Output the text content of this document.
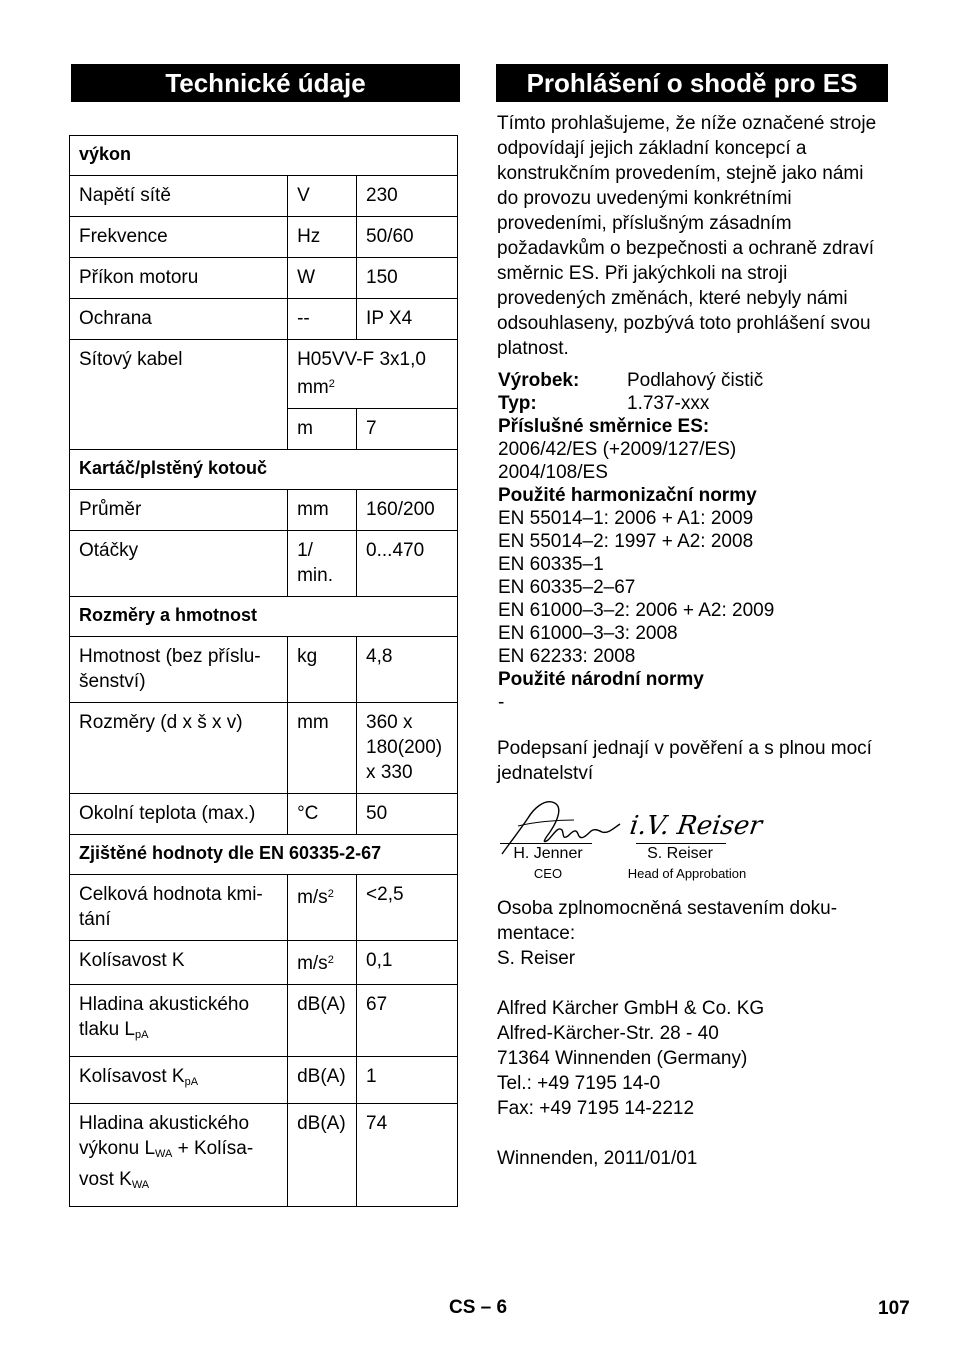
Technické údaje
výkon		
Napětí sítě	V	230
Frekvence	Hz	50/60
Příkon motoru	W	150
Ochrana	--	IP X4
Sítový kabel	H05VV-F 3x1,0 $mm^2$
	m	7
Kartáč/plstěný kotouč		
Průměr	mm	160/200
Otáčky	1/ min.	0...470
Rozměry a hmotnost		
Hmotnost (bez příslu-šenství)	kg	4,8
Rozměry (d x š x v)	mm	360 x 180(200) x 330
Okolní teplota (max.)	°C	50
Zjištěné hodnoty dle EN 60335-2-67		
Celková hodnota kmi-tání	$m/s^2$	<2,5
Kolísavost K	$m/s^2$	0,1
Hladina akustického tlaku $L_{pA}$	dB(A)	67
Kolísavost $K_{pA}$	dB(A)	1
Hladina akustického výkonu $L_{WA}$ + Kolísa-vost $K_{WA}$	dB(A)	74
Prohlášení o shodě pro ES
Tímto prohlašujeme, že níže označené stroje odpovídají jejich základní koncepcí a konstrukčním provedením, stejně jako námi do provozu uvedenými konkrétními provedeními, příslušným zásadním požadavkům o bezpečnosti a ochraně zdraví směrnic ES. Při jakýchkoli na stroji provedených změnách, které nebyly námi odsouhlaseny, pozbývá toto prohlášení svou platnost.
Výrobek:	Podlahový čistič
Typ:	1.737-xxx
Příslušné směrnice ES:
2006/42/ES (+2009/127/ES)
2004/108/ES
Použité harmonizační normy
EN 55014–1: 2006 + A1: 2009
EN 55014–2: 1997 + A2: 2008
EN 60335–1
EN 60335–2–67
EN 61000–3–2: 2006 + A2: 2009
EN 61000–3–3: 2008
EN 62233: 2008
Použité národní normy
-
Podepsaní jednají v pověření a s plnou mocí jednatelství
H. Jenner
CEO
i.V. Reiser
S. Reiser
Head of Approbation
Osoba zplnomocněná sestavením doku-mentace:
S. Reiser
Alfred Kärcher GmbH & Co. KG
Alfred-Kärcher-Str. 28 - 40
71364 Winnenden (Germany)
Tel.: +49 7195 14-0
Fax: +49 7195 14-2212
Winnenden, 2011/01/01
CS – 6	107
